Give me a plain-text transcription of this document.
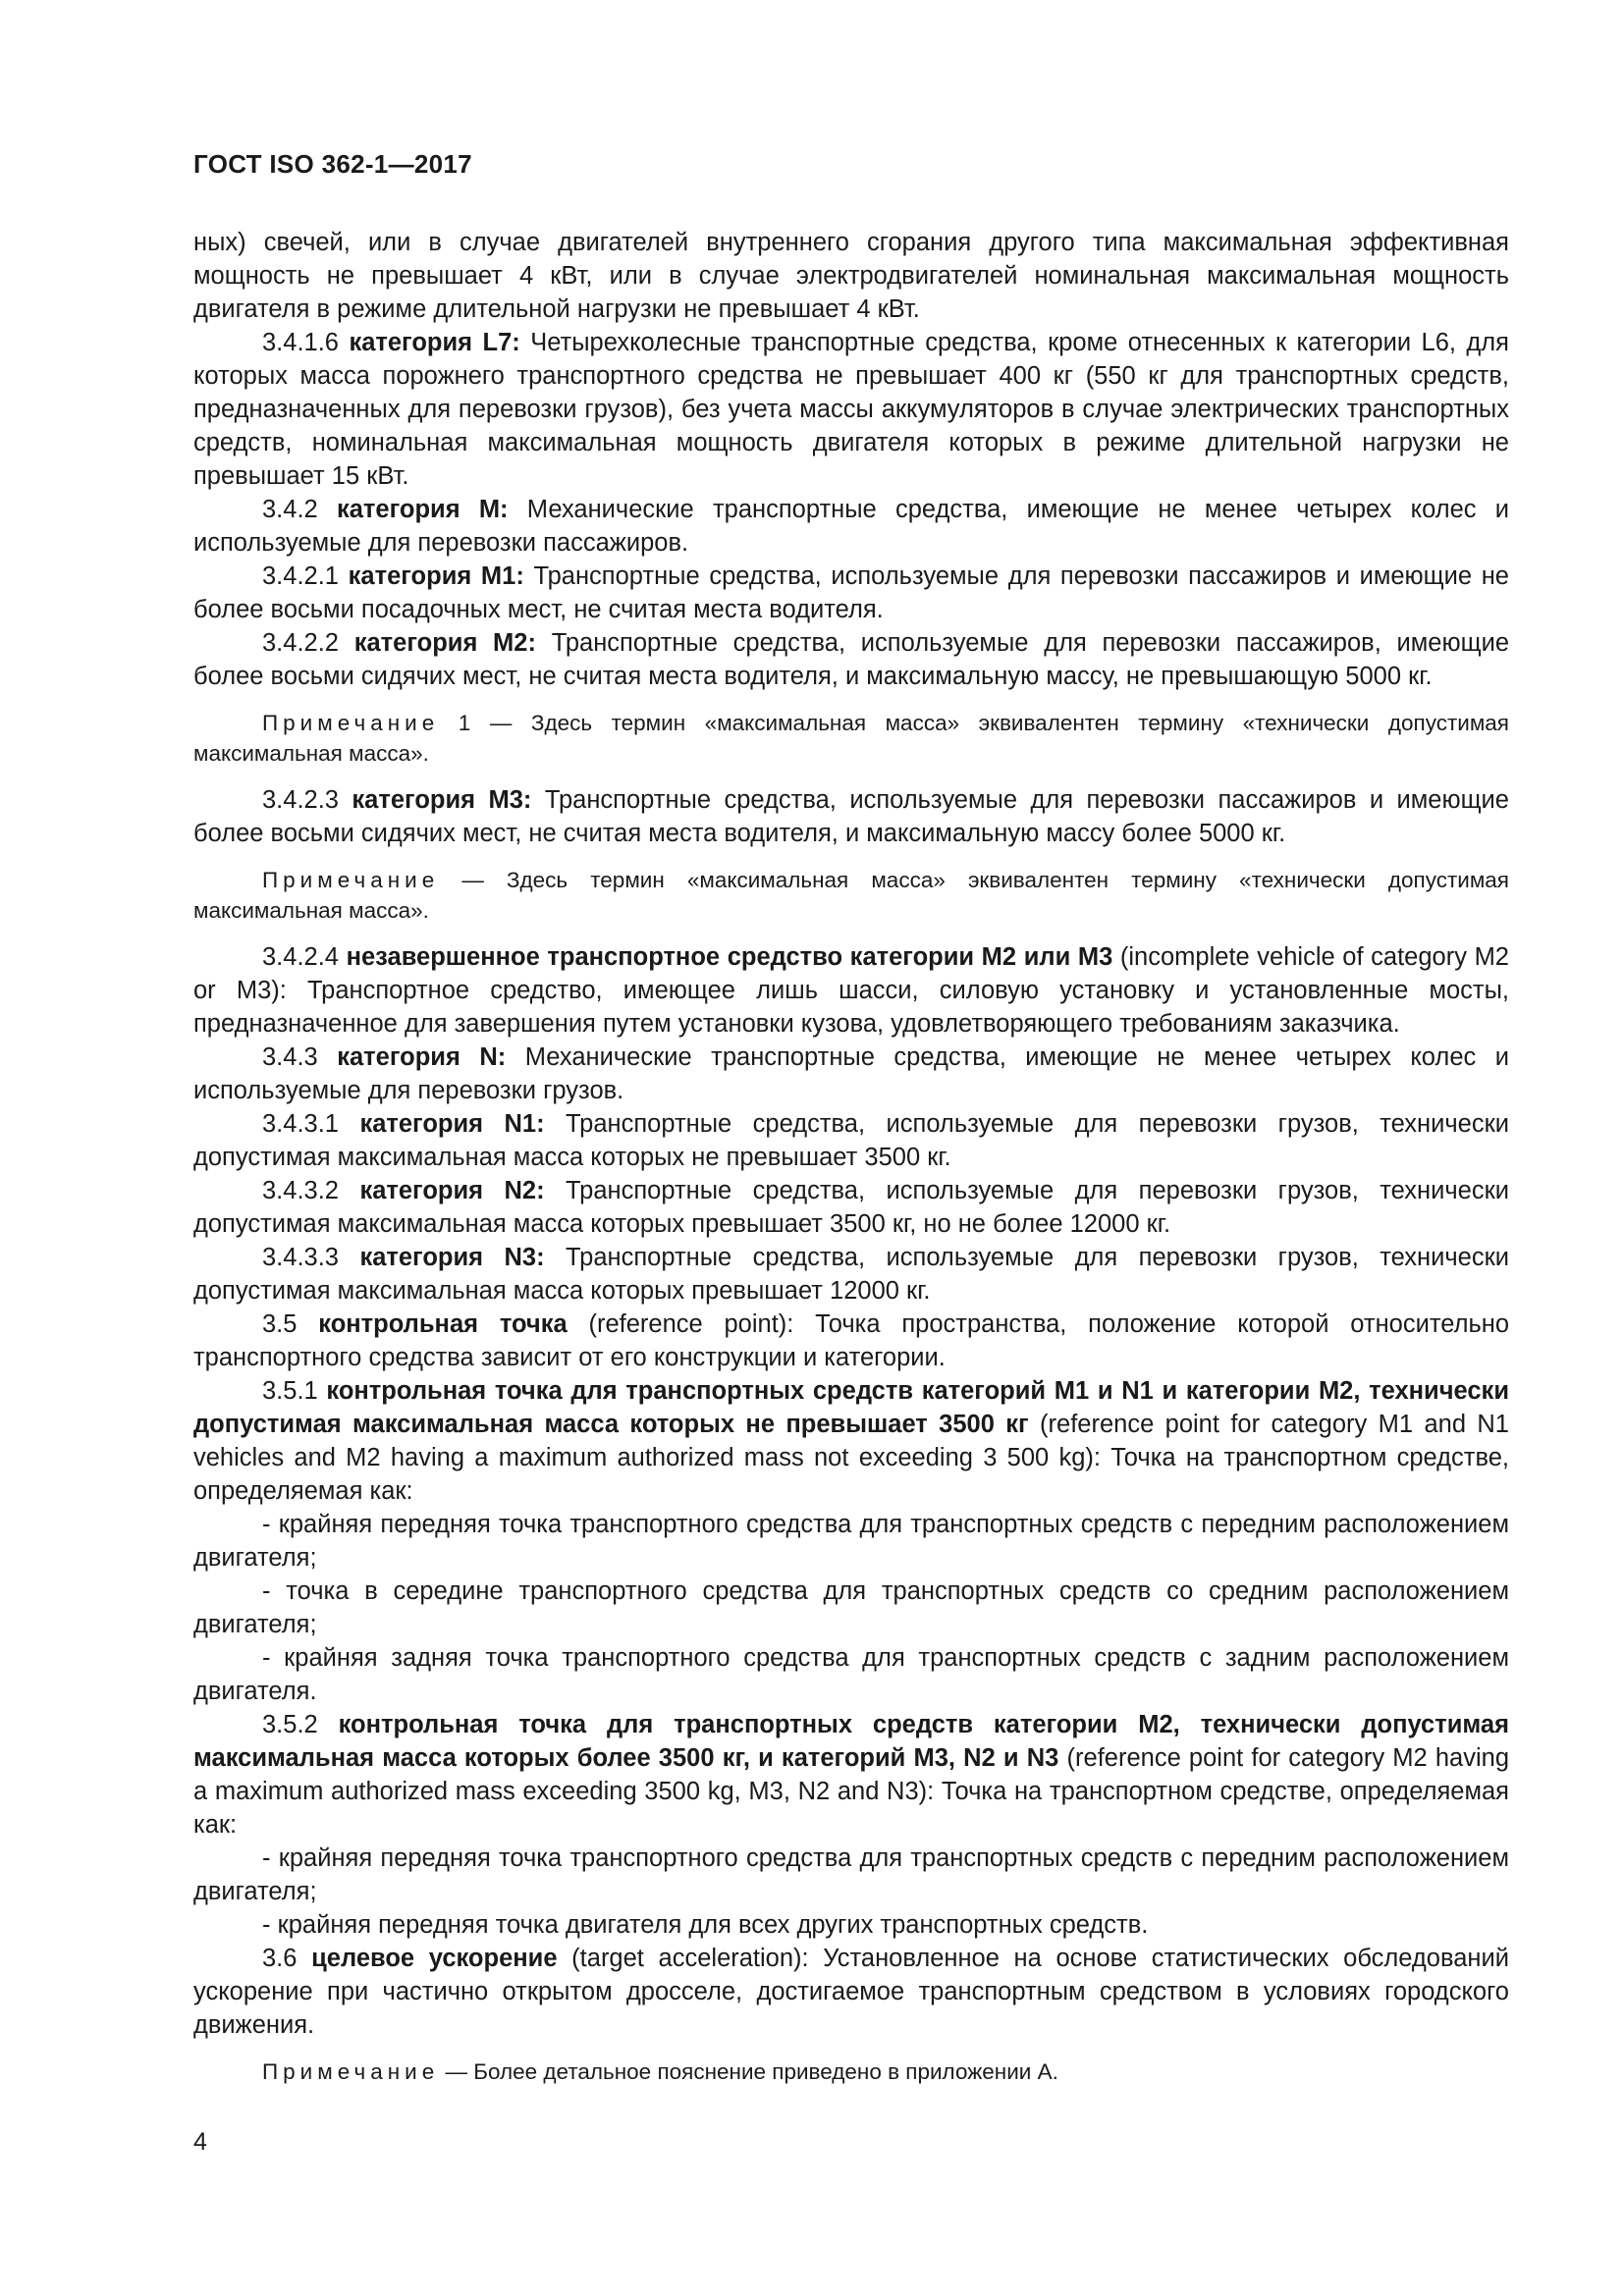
ГОСТ ISO 362-1—2017

ных) свечей, или в случае двигателей внутреннего сгорания другого типа максимальная эффективная мощность не превышает 4 кВт, или в случае электродвигателей номинальная максимальная мощность двигателя в режиме длительной нагрузки не превышает 4 кВт.

3.4.1.6 категория L7: Четырехколесные транспортные средства, кроме отнесенных к категории L6, для которых масса порожнего транспортного средства не превышает 400 кг (550 кг для транспортных средств, предназначенных для перевозки грузов), без учета массы аккумуляторов в случае электрических транспортных средств, номинальная максимальная мощность двигателя которых в режиме длительной нагрузки не превышает 15 кВт.

3.4.2 категория М: Механические транспортные средства, имеющие не менее четырех колес и используемые для перевозки пассажиров.

3.4.2.1 категория М1: Транспортные средства, используемые для перевозки пассажиров и имеющие не более восьми посадочных мест, не считая места водителя.

3.4.2.2 категория М2: Транспортные средства, используемые для перевозки пассажиров, имеющие более восьми сидячих мест, не считая места водителя, и максимальную массу, не превышающую 5000 кг.

Примечание 1 — Здесь термин «максимальная масса» эквивалентен термину «технически допустимая максимальная масса».

3.4.2.3 категория М3: Транспортные средства, используемые для перевозки пассажиров и имеющие более восьми сидячих мест, не считая места водителя, и максимальную массу более 5000 кг.

Примечание — Здесь термин «максимальная масса» эквивалентен термину «технически допустимая максимальная масса».

3.4.2.4 незавершенное транспортное средство категории М2 или М3 (incomplete vehicle of category M2 or M3): Транспортное средство, имеющее лишь шасси, силовую установку и установленные мосты, предназначенное для завершения путем установки кузова, удовлетворяющего требованиям заказчика.

3.4.3 категория N: Механические транспортные средства, имеющие не менее четырех колес и используемые для перевозки грузов.

3.4.3.1 категория N1: Транспортные средства, используемые для перевозки грузов, технически допустимая максимальная масса которых не превышает 3500 кг.

3.4.3.2 категория N2: Транспортные средства, используемые для перевозки грузов, технически допустимая максимальная масса которых превышает 3500 кг, но не более 12000 кг.

3.4.3.3 категория N3: Транспортные средства, используемые для перевозки грузов, технически допустимая максимальная масса которых превышает 12000 кг.

3.5 контрольная точка (reference point): Точка пространства, положение которой относительно транспортного средства зависит от его конструкции и категории.

3.5.1 контрольная точка для транспортных средств категорий М1 и N1 и категории М2, технически допустимая максимальная масса которых не превышает 3500 кг (reference point for category M1 and N1 vehicles and M2 having a maximum authorized mass not exceeding 3 500 kg): Точка на транспортном средстве, определяемая как:

- крайняя передняя точка транспортного средства для транспортных средств с передним расположением двигателя;

- точка в середине транспортного средства для транспортных средств со средним расположением двигателя;

- крайняя задняя точка транспортного средства для транспортных средств с задним расположением двигателя.

3.5.2 контрольная точка для транспортных средств категории М2, технически допустимая максимальная масса которых более 3500 кг, и категорий М3, N2 и N3 (reference point for category M2 having a maximum authorized mass exceeding 3500 kg, M3, N2 and N3): Точка на транспортном средстве, определяемая как:

- крайняя передняя точка транспортного средства для транспортных средств с передним расположением двигателя;

- крайняя передняя точка двигателя для всех других транспортных средств.

3.6 целевое ускорение (target acceleration): Установленное на основе статистических обследований ускорение при частично открытом дросселе, достигаемое транспортным средством в условиях городского движения.

Примечание — Более детальное пояснение приведено в приложении А.

4
